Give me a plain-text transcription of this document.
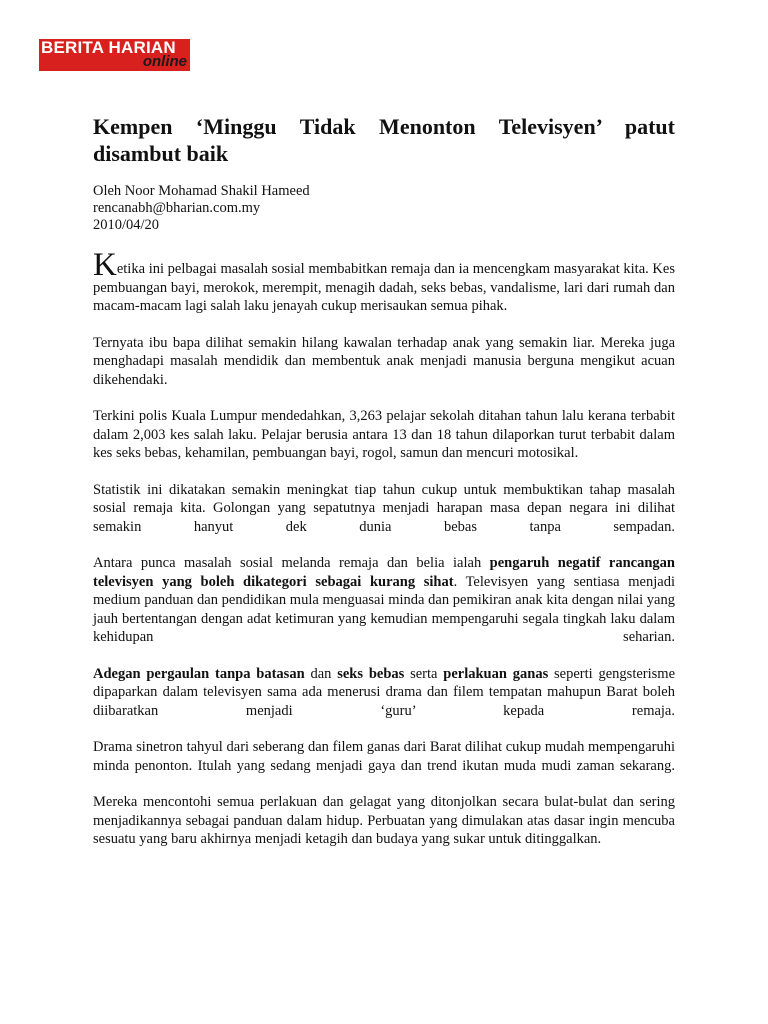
BERITA HARIAN
online
Kempen ‘Minggu Tidak Menonton Televisyen’ patut disambut baik
Oleh Noor Mohamad Shakil Hameed
rencanabh@bharian.com.my
2010/04/20

Ketika ini pelbagai masalah sosial membabitkan remaja dan ia mencengkam masyarakat kita. Kes pembuangan bayi, merokok, merempit, menagih dadah, seks bebas, vandalisme, lari dari rumah dan macam-macam lagi salah laku jenayah cukup merisaukan semua pihak.

Ternyata ibu bapa dilihat semakin hilang kawalan terhadap anak yang semakin liar. Mereka juga menghadapi masalah mendidik dan membentuk anak menjadi manusia berguna mengikut acuan dikehendaki.

Terkini polis Kuala Lumpur mendedahkan, 3,263 pelajar sekolah ditahan tahun lalu kerana terbabit dalam 2,003 kes salah laku. Pelajar berusia antara 13 dan 18 tahun dilaporkan turut terbabit dalam kes seks bebas, kehamilan, pembuangan bayi, rogol, samun dan mencuri motosikal.

Statistik ini dikatakan semakin meningkat tiap tahun cukup untuk membuktikan tahap masalah sosial remaja kita. Golongan yang sepatutnya menjadi harapan masa depan negara ini dilihat semakin hanyut dek dunia bebas tanpa sempadan.

Antara punca masalah sosial melanda remaja dan belia ialah pengaruh negatif rancangan televisyen yang boleh dikategori sebagai kurang sihat. Televisyen yang sentiasa menjadi medium panduan dan pendidikan mula menguasai minda dan pemikiran anak kita dengan nilai yang jauh bertentangan dengan adat ketimuran yang kemudian mempengaruhi segala tingkah laku dalam kehidupan seharian.

Adegan pergaulan tanpa batasan dan seks bebas serta perlakuan ganas seperti gengsterisme dipaparkan dalam televisyen sama ada menerusi drama dan filem tempatan mahupun Barat boleh diibaratkan menjadi ‘guru’ kepada remaja.

Drama sinetron tahyul dari seberang dan filem ganas dari Barat dilihat cukup mudah mempengaruhi minda penonton. Itulah yang sedang menjadi gaya dan trend ikutan muda mudi zaman sekarang.

Mereka mencontohi semua perlakuan dan gelagat yang ditonjolkan secara bulat-bulat dan sering menjadikannya sebagai panduan dalam hidup. Perbuatan yang dimulakan atas dasar ingin mencuba sesuatu yang baru akhirnya menjadi ketagih dan budaya yang sukar untuk ditinggalkan.
